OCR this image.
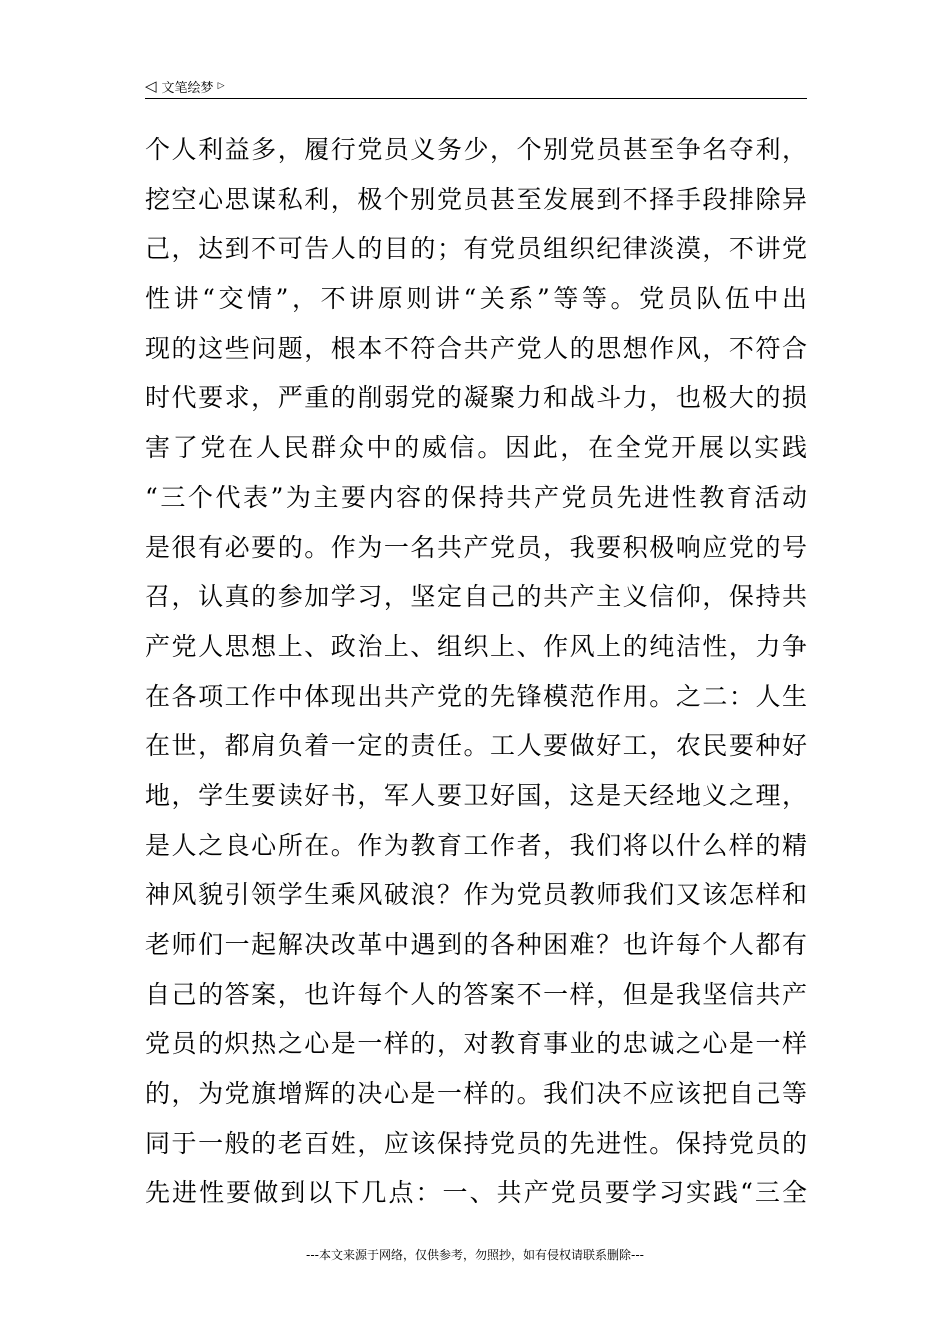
◁ 文笔绘梦 ▷
个人利益多，履行党员义务少，个别党员甚至争名夺利，
挖空心思谋私利，极个别党员甚至发展到不择手段排除异
己，达到不可告人的目的；有党员组织纪律淡漠，不讲党
性讲“交情”，不讲原则讲“关系”等等。党员队伍中出
现的这些问题，根本不符合共产党人的思想作风，不符合
时代要求，严重的削弱党的凝聚力和战斗力，也极大的损
害了党在人民群众中的威信。因此，在全党开展以实践
“三个代表”为主要内容的保持共产党员先进性教育活动
是很有必要的。作为一名共产党员，我要积极响应党的号
召，认真的参加学习，坚定自己的共产主义信仰，保持共
产党人思想上、政治上、组织上、作风上的纯洁性，力争
在各项工作中体现出共产党的先锋模范作用。之二：人生
在世，都肩负着一定的责任。工人要做好工，农民要种好
地，学生要读好书，军人要卫好国，这是天经地义之理，
是人之良心所在。作为教育工作者，我们将以什么样的精
神风貌引领学生乘风破浪？作为党员教师我们又该怎样和
老师们一起解决改革中遇到的各种困难？也许每个人都有
自己的答案，也许每个人的答案不一样，但是我坚信共产
党员的炽热之心是一样的，对教育事业的忠诚之心是一样
的，为党旗增辉的决心是一样的。我们决不应该把自己等
同于一般的老百姓，应该保持党员的先进性。保持党员的
先进性要做到以下几点：一、共产党员要学习实践“三全
---本文来源于网络，仅供参考，勿照抄，如有侵权请联系删除---
